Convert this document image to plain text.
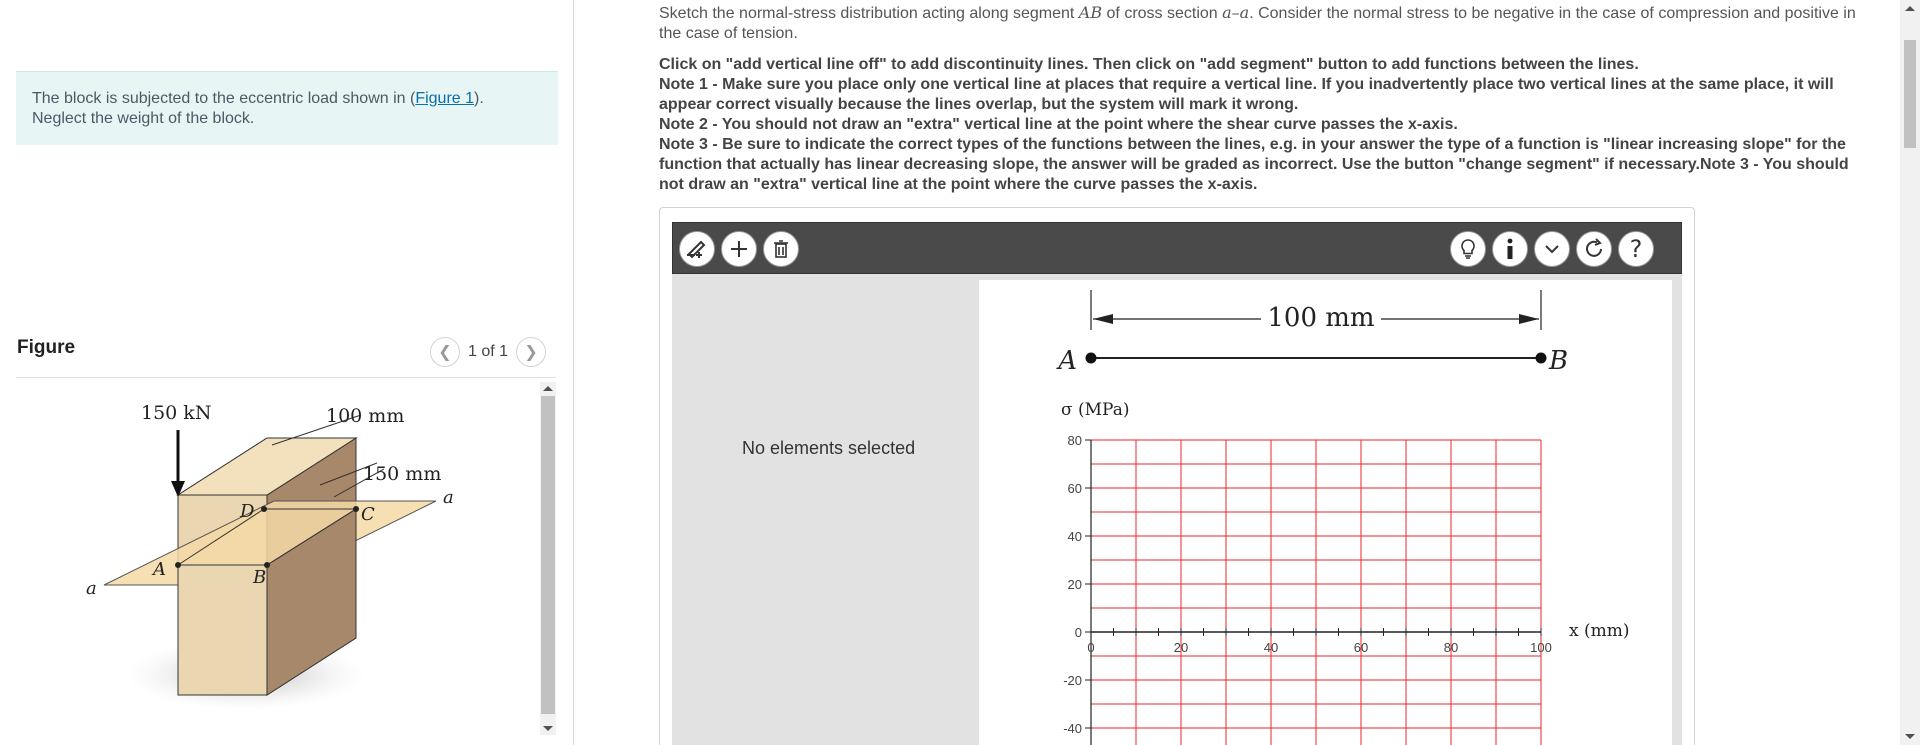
The block is subjected to the eccentric load shown in (Figure 1). Neglect the weight of the block.
Figure	❮	1 of 1	❯
150 kN	100 mm
150 mm
a
a
A	B
C
D
Sketch the normal-stress distribution acting along segment AB of cross section a–a. Consider the normal stress to be negative in the case of compression and positive in the case of tension.
Click on "add vertical line off" to add discontinuity lines. Then click on "add segment" button to add functions between the lines.
Note 1 - Make sure you place only one vertical line at places that require a vertical line. If you inadvertently place two vertical lines at the same place, it will appear correct visually because the lines overlap, but the system will mark it wrong.
Note 2 - You should not draw an "extra" vertical line at the point where the shear curve passes the x-axis.
Note 3 - Be sure to indicate the correct types of the functions between the lines, e.g. in your answer the type of a function is "linear increasing slope" for the function that actually has linear decreasing slope, the answer will be graded as incorrect. Use the button "change segment" if necessary.Note 3 - You should not draw an "extra" vertical line at the point where the curve passes the x-axis.
?
No elements selected
100 mm
A	B
σ (MPa)
x (mm)
80
60
40
20
0
-20
-40
0	20	40	60	80	100
